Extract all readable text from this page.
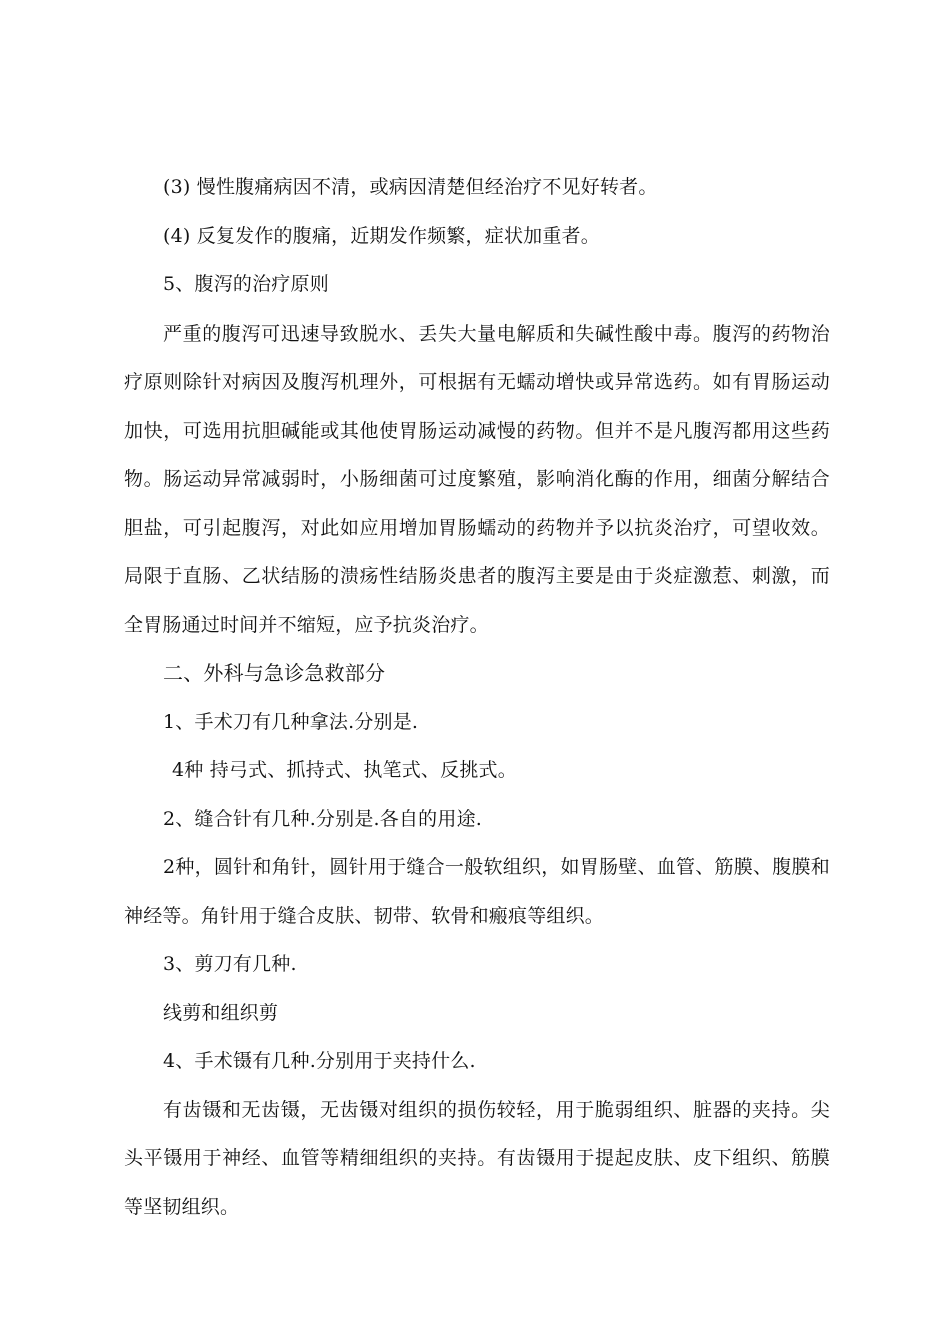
(3) 慢性腹痛病因不清，或病因清楚但经治疗不见好转者。
(4) 反复发作的腹痛，近期发作频繁，症状加重者。
5、腹泻的治疗原则
严重的腹泻可迅速导致脱水、丢失大量电解质和失碱性酸中毒。腹泻的药物治
疗原则除针对病因及腹泻机理外，可根据有无蠕动增快或异常选药。如有胃肠运动
加快，可选用抗胆碱能或其他使胃肠运动减慢的药物。但并不是凡腹泻都用这些药
物。肠运动异常减弱时，小肠细菌可过度繁殖，影响消化酶的作用，细菌分解结合
胆盐，可引起腹泻，对此如应用增加胃肠蠕动的药物并予以抗炎治疗，可望收效。
局限于直肠、乙状结肠的溃疡性结肠炎患者的腹泻主要是由于炎症激惹、刺激，而
全胃肠通过时间并不缩短，应予抗炎治疗。
二、外科与急诊急救部分
1、手术刀有几种拿法.分别是.
4种 持弓式、抓持式、执笔式、反挑式。
2、缝合针有几种.分别是.各自的用途.
2种，圆针和角针，圆针用于缝合一般软组织，如胃肠壁、血管、筋膜、腹膜和
神经等。角针用于缝合皮肤、韧带、软骨和瘢痕等组织。
3、剪刀有几种.
线剪和组织剪
4、手术镊有几种.分别用于夹持什么.
有齿镊和无齿镊，无齿镊对组织的损伤较轻，用于脆弱组织、脏器的夹持。尖
头平镊用于神经、血管等精细组织的夹持。有齿镊用于提起皮肤、皮下组织、筋膜
等坚韧组织。
